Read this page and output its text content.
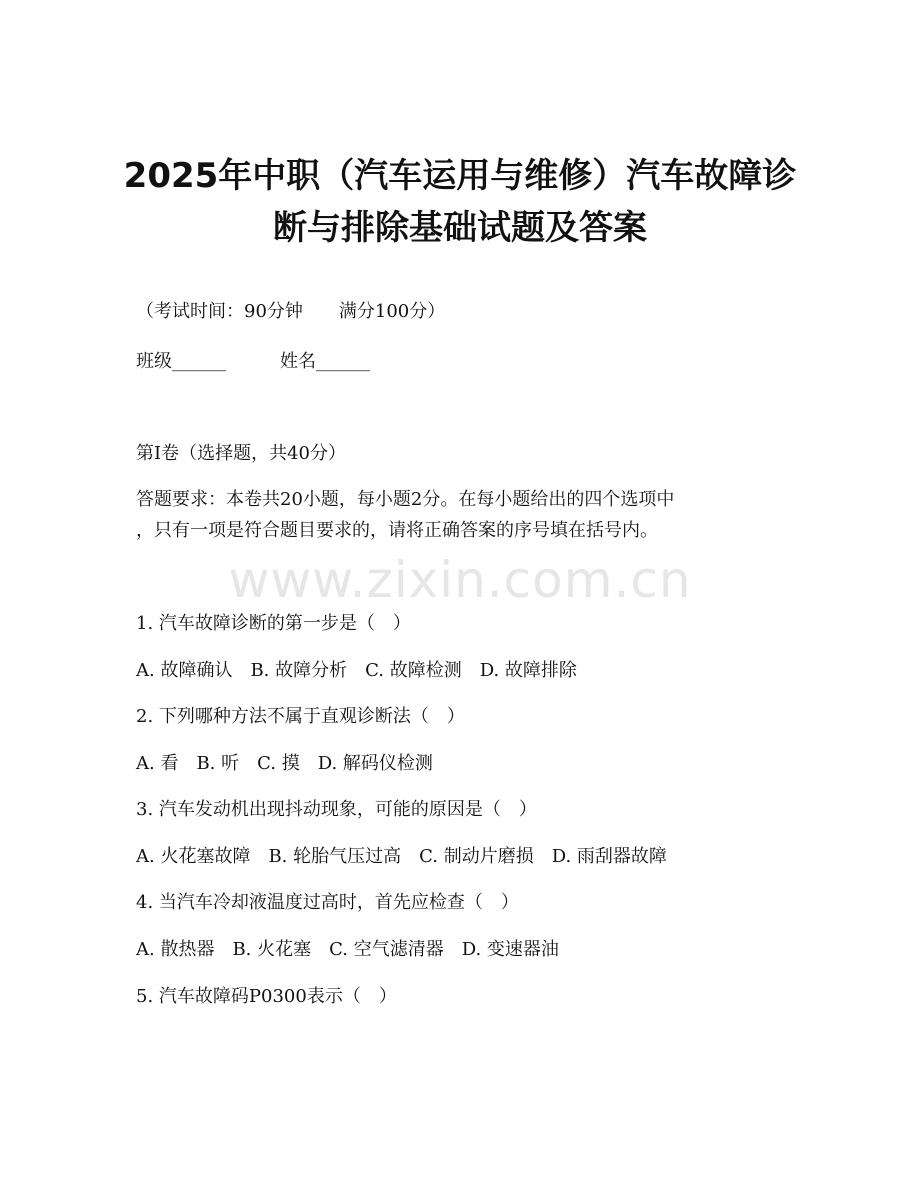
2025年中职（汽车运用与维修）汽车故障诊
断与排除基础试题及答案
（考试时间：90分钟　　满分100分）
班级______	姓名______
第I卷（选择题，共40分）
答题要求：本卷共20小题，每小题2分。在每小题给出的四个选项中
，只有一项是符合题目要求的，请将正确答案的序号填在括号内。
www.zixin.com.cn
1. 汽车故障诊断的第一步是（　）
A. 故障确认 B. 故障分析 C. 故障检测 D. 故障排除
2. 下列哪种方法不属于直观诊断法（　）
A. 看 B. 听 C. 摸 D. 解码仪检测
3. 汽车发动机出现抖动现象，可能的原因是（　）
A. 火花塞故障 B. 轮胎气压过高 C. 制动片磨损 D. 雨刮器故障
4. 当汽车冷却液温度过高时，首先应检查（　）
A. 散热器 B. 火花塞 C. 空气滤清器 D. 变速器油
5. 汽车故障码P0300表示（　）
